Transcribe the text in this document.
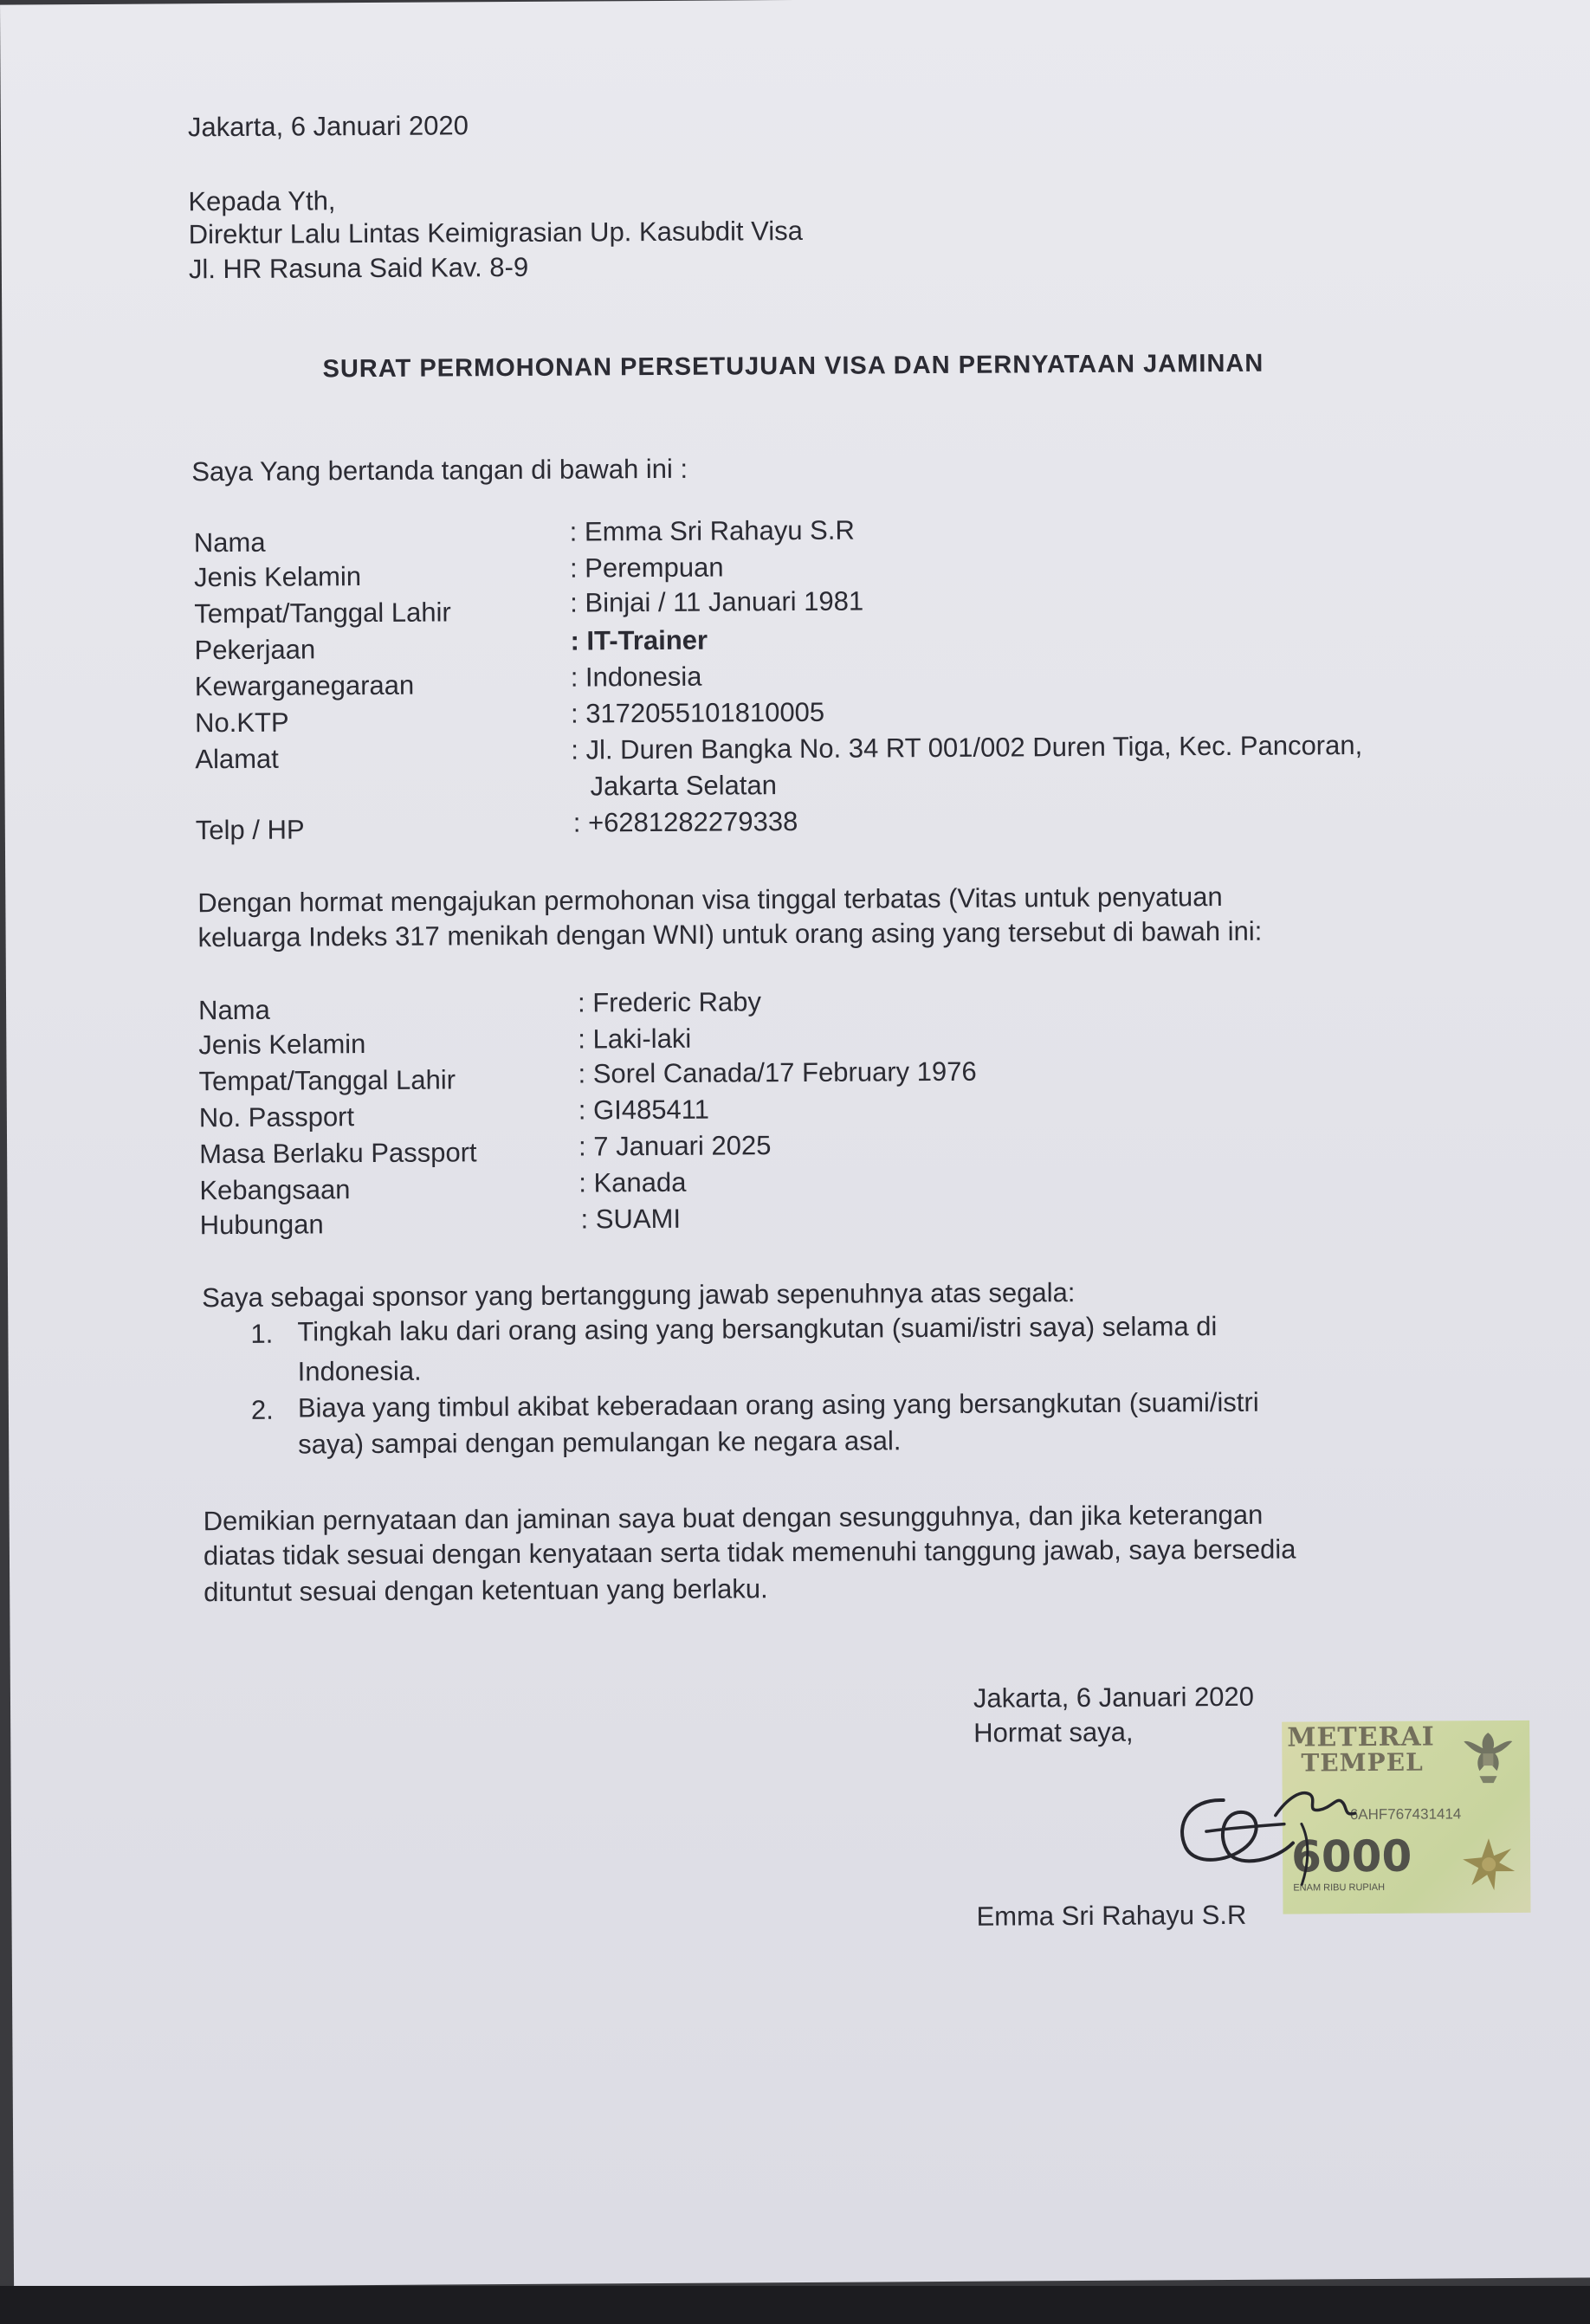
Jakarta, 6 Januari 2020
Kepada Yth,
Direktur Lalu Lintas Keimigrasian Up. Kasubdit Visa
Jl. HR Rasuna Said Kav. 8-9
SURAT PERMOHONAN PERSETUJUAN VISA DAN PERNYATAAN JAMINAN
Saya Yang bertanda tangan di bawah ini :
Nama	: Emma Sri Rahayu S.R
Jenis Kelamin	: Perempuan
Tempat/Tanggal Lahir	: Binjai / 11 Januari 1981
Pekerjaan	: IT-Trainer
Kewarganegaraan	: Indonesia
No.KTP	: 3172055101810005
Alamat	: Jl. Duren Bangka No. 34 RT 001/002 Duren Tiga, Kec. Pancoran,
Jakarta Selatan
Telp / HP	: +6281282279338
Dengan hormat mengajukan permohonan visa tinggal terbatas (Vitas untuk penyatuan
keluarga Indeks 317 menikah dengan WNI) untuk orang asing yang tersebut di bawah ini:
Nama	: Frederic Raby
Jenis Kelamin	: Laki-laki
Tempat/Tanggal Lahir	: Sorel Canada/17 February 1976
No. Passport	: GI485411
Masa Berlaku Passport	: 7 Januari 2025
Kebangsaan	: Kanada
Hubungan	: SUAMI
Saya sebagai sponsor yang bertanggung jawab sepenuhnya atas segala:
1. Tingkah laku dari orang asing yang bersangkutan (suami/istri saya) selama di
Indonesia.
2. Biaya yang timbul akibat keberadaan orang asing yang bersangkutan (suami/istri
saya) sampai dengan pemulangan ke negara asal.
Demikian pernyataan dan jaminan saya buat dengan sesungguhnya, dan jika keterangan
diatas tidak sesuai dengan kenyataan serta tidak memenuhi tanggung jawab, saya bersedia
dituntut sesuai dengan ketentuan yang berlaku.
Jakarta, 6 Januari 2020
Hormat saya,	METERAI
TEMPEL
6AHF767431414
6000
ENAM RIBU RUPIAH
Emma Sri Rahayu S.R
